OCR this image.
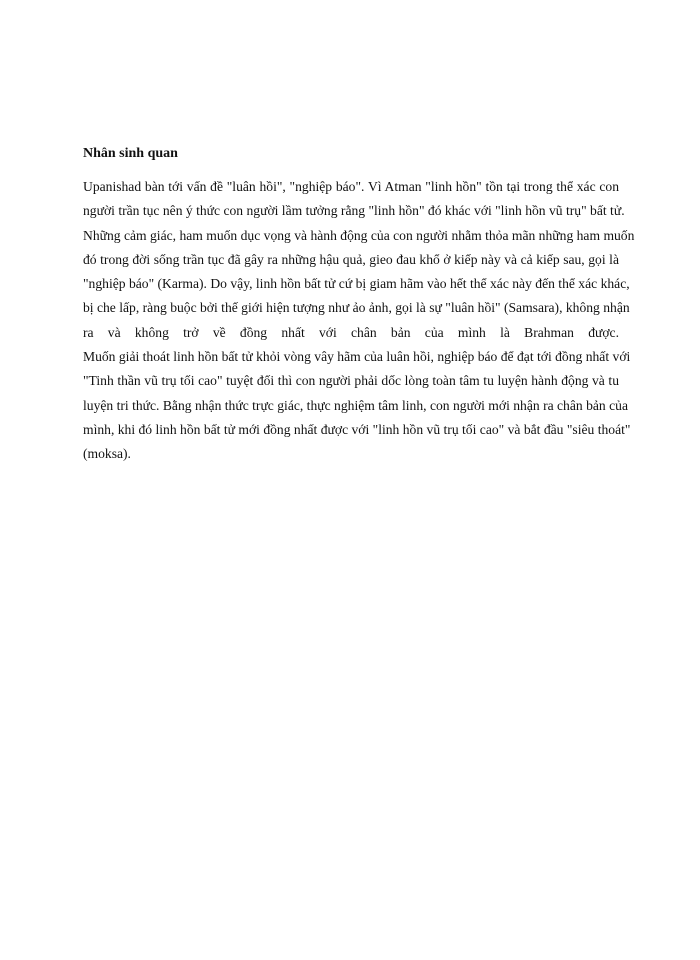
Nhân sinh quan
Upanishad bàn tới vấn đề "luân hồi", "nghiệp báo". Vì Atman "linh hồn" tồn tại trong thể xác con
người trần tục nên ý thức con người lầm tưởng rằng "linh hồn" đó khác với "linh hồn vũ trụ" bất tử.
Những cảm giác, ham muốn dục vọng và hành động của con người nhằm thỏa mãn những ham muốn
đó trong đời sống trần tục đã gây ra những hậu quả, gieo đau khổ ở kiếp này và cả kiếp sau, gọi là
"nghiệp báo" (Karma). Do vậy, linh hồn bất tử cứ bị giam hãm vào hết thể xác này đến thể xác khác,
bị che lấp, ràng buộc bởi thế giới hiện tượng như ảo ảnh, gọi là sự "luân hồi" (Samsara), không nhận
ra và không trở về đồng nhất với chân bản của mình là Brahman được.
Muốn giải thoát linh hồn bất tử khỏi vòng vây hãm của luân hồi, nghiệp báo để đạt tới đồng nhất với
"Tinh thần vũ trụ tối cao" tuyệt đối thì con người phải dốc lòng toàn tâm tu luyện hành động và tu
luyện tri thức. Bằng nhận thức trực giác, thực nghiệm tâm linh, con người mới nhận ra chân bản của
mình, khi đó linh hồn bất tử mới đồng nhất được với "linh hồn vũ trụ tối cao" và bắt đầu "siêu thoát"
(moksa).
